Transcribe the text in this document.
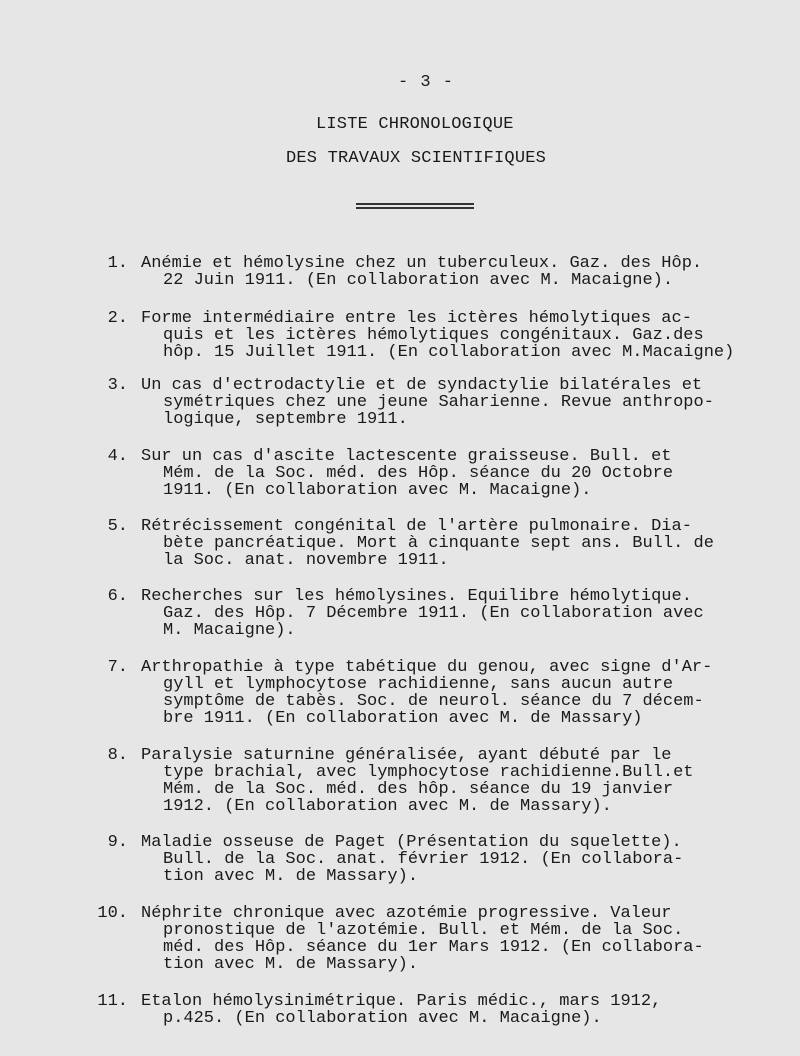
- 3 -
LISTE CHRONOLOGIQUE
DES TRAVAUX SCIENTIFIQUES
1. Anémie et hémolysine chez un tuberculeux. Gaz. des Hôp.
22 Juin 1911. (En collaboration avec M. Macaigne).
2. Forme intermédiaire entre les ictères hémolytiques ac-
quis et les ictères hémolytiques congénitaux. Gaz.des
hôp. 15 Juillet 1911. (En collaboration avec M.Macaigne)
3. Un cas d'ectrodactylie et de syndactylie bilatérales et
symétriques chez une jeune Saharienne. Revue anthropo-
logique, septembre 1911.
4. Sur un cas d'ascite lactescente graisseuse. Bull. et
Mém. de la Soc. méd. des Hôp. séance du 20 Octobre
1911. (En collaboration avec M. Macaigne).
5. Rétrécissement congénital de l'artère pulmonaire. Dia-
bète pancréatique. Mort à cinquante sept ans. Bull. de
la Soc. anat. novembre 1911.
6. Recherches sur les hémolysines. Equilibre hémolytique.
Gaz. des Hôp. 7 Décembre 1911. (En collaboration avec
M. Macaigne).
7. Arthropathie à type tabétique du genou, avec signe d'Ar-
gyll et lymphocytose rachidienne, sans aucun autre
symptôme de tabès. Soc. de neurol. séance du 7 décem-
bre 1911. (En collaboration avec M. de Massary)
8. Paralysie saturnine généralisée, ayant débuté par le
type brachial, avec lymphocytose rachidienne.Bull.et
Mém. de la Soc. méd. des hôp. séance du 19 janvier
1912. (En collaboration avec M. de Massary).
9. Maladie osseuse de Paget (Présentation du squelette).
Bull. de la Soc. anat. février 1912. (En collabora-
tion avec M. de Massary).
10. Néphrite chronique avec azotémie progressive. Valeur
pronostique de l'azotémie. Bull. et Mém. de la Soc.
méd. des Hôp. séance du 1er Mars 1912. (En collabora-
tion avec M. de Massary).
11. Etalon hémolysinimétrique. Paris médic., mars 1912,
p.425. (En collaboration avec M. Macaigne).
